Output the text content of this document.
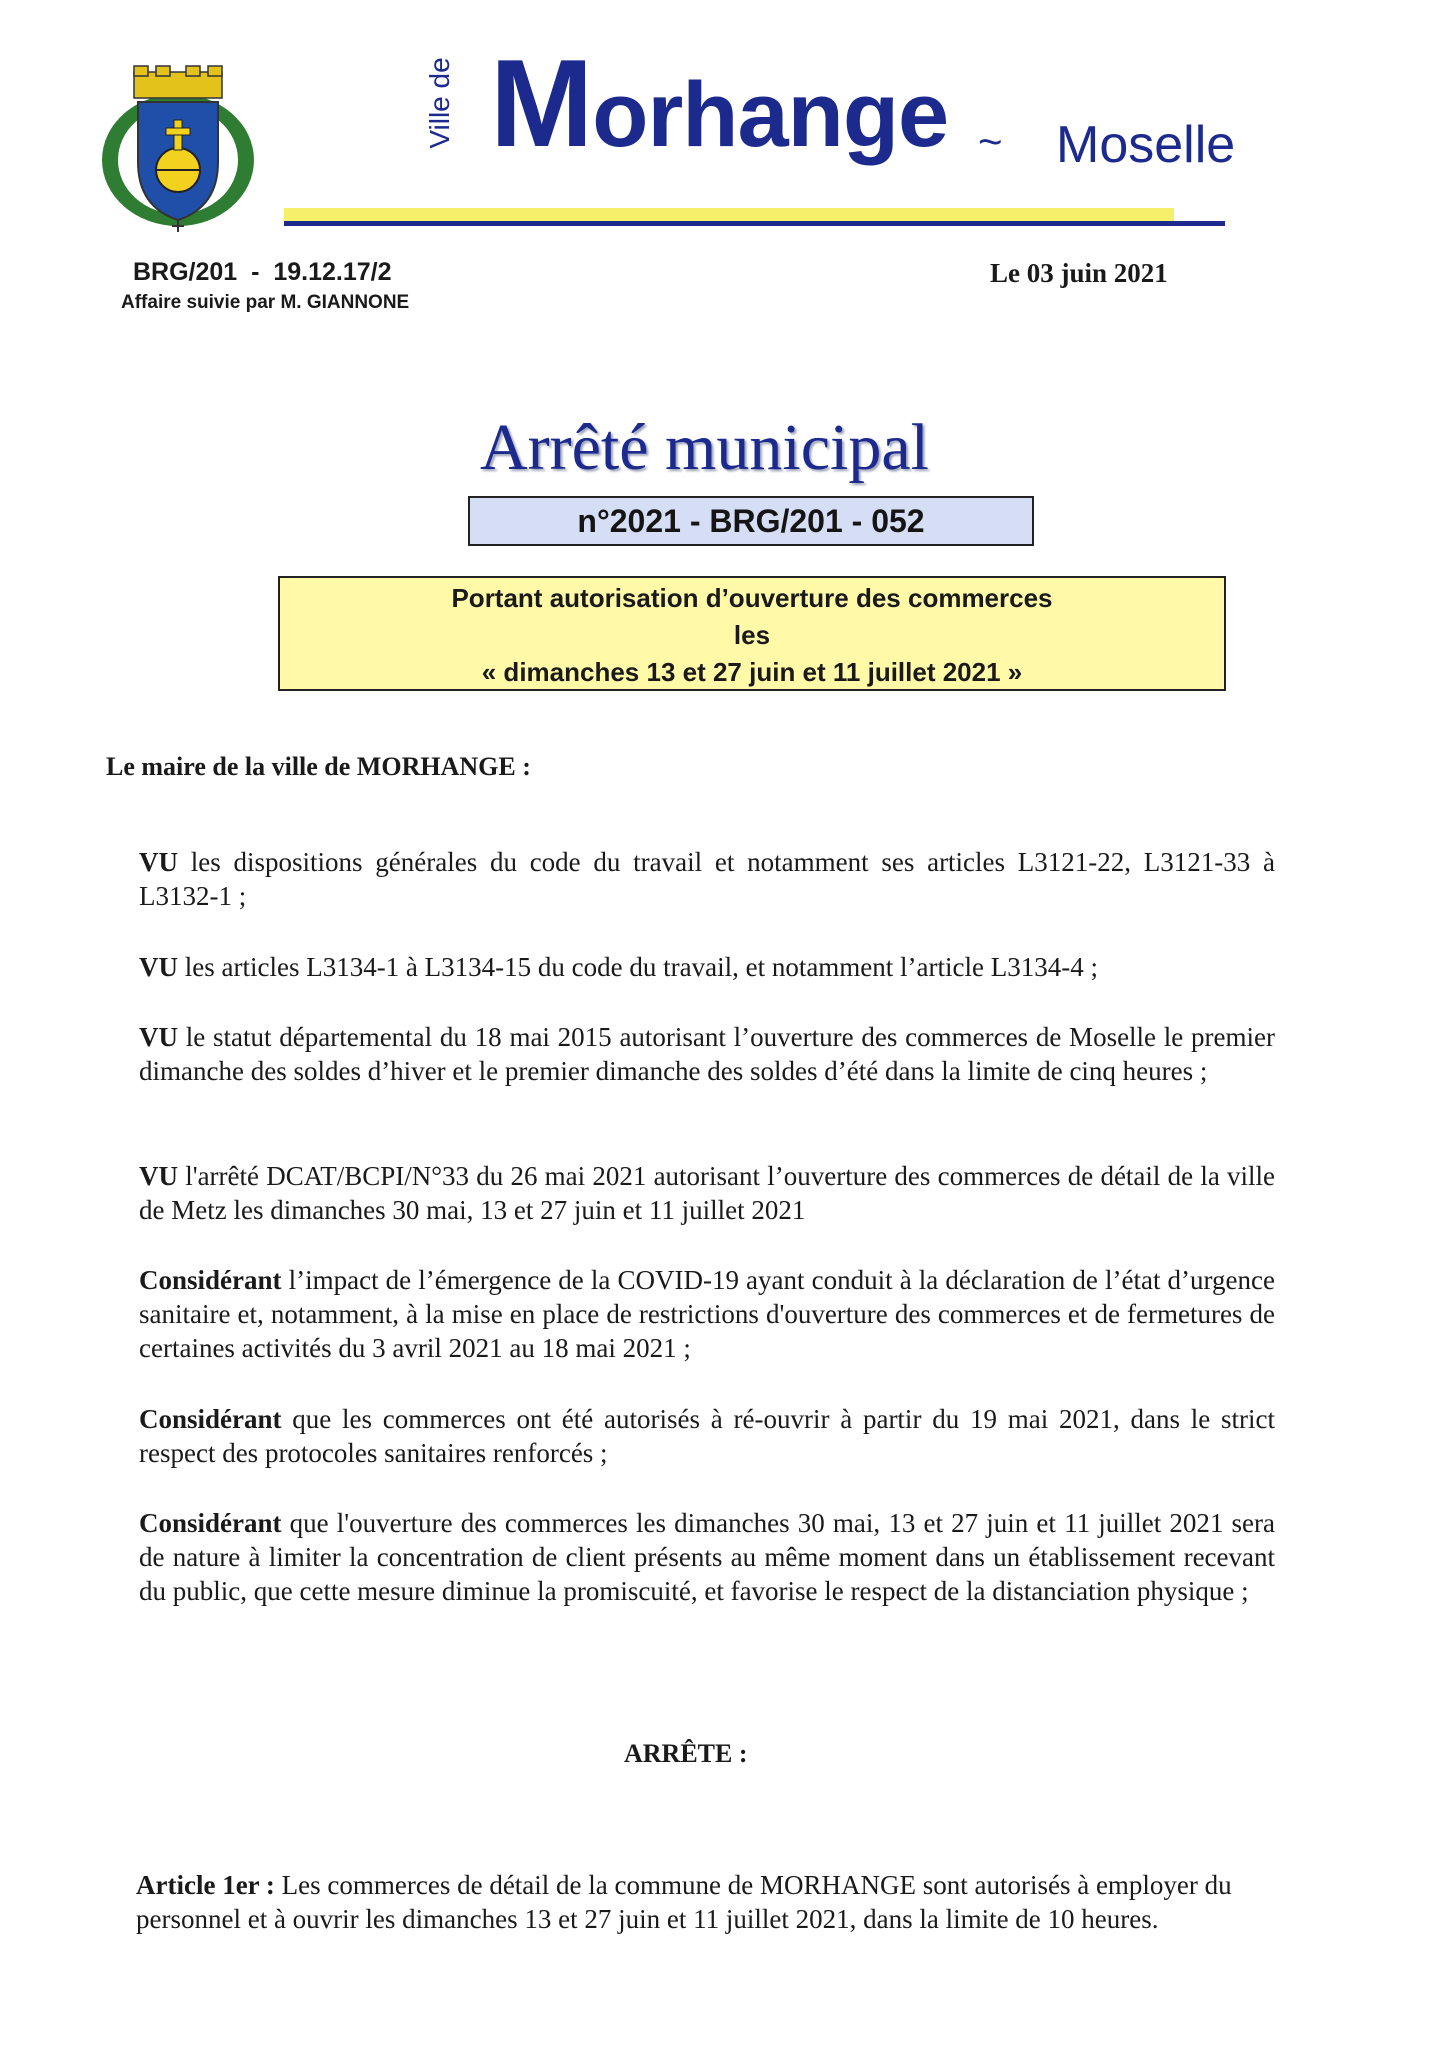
Ville de Morhange ~ Moselle
BRG/201  -  19.12.17/2
Affaire suivie par M. GIANNONE
Le 03 juin 2021
Arrêté municipal
n°2021 - BRG/201 - 052
Portant autorisation d’ouverture des commerces
les
« dimanches 13 et 27 juin et 11 juillet 2021 »
Le maire de la ville de MORHANGE :
VU les dispositions générales du code du travail et notamment ses articles L3121-22, L3121-33 à L3132-1 ;
VU les articles L3134-1 à L3134-15 du code du travail, et notamment l’article L3134-4 ;
VU le statut départemental du 18 mai 2015 autorisant l’ouverture des commerces de Moselle le premier dimanche des soldes d’hiver et le premier dimanche des soldes d’été dans la limite de cinq heures ;
VU l'arrêté DCAT/BCPI/N°33 du 26 mai 2021 autorisant l’ouverture des commerces de détail de la ville de Metz les dimanches 30 mai, 13 et 27 juin et 11 juillet 2021
Considérant l’impact de l’émergence de la COVID-19 ayant conduit à la déclaration de l’état d’urgence sanitaire et, notamment, à la mise en place de restrictions d'ouverture des commerces et de fermetures de certaines activités du 3 avril 2021 au 18 mai 2021 ;
Considérant que les commerces ont été autorisés à ré-ouvrir à partir du 19 mai 2021, dans le strict respect des protocoles sanitaires renforcés ;
Considérant que l'ouverture des commerces les dimanches 30 mai, 13 et 27 juin et 11 juillet 2021 sera de nature à limiter la concentration de client présents au même moment dans un établissement recevant du public, que cette mesure diminue la promiscuité, et favorise le respect de la distanciation physique ;
ARRÊTE :
Article 1er : Les commerces de détail de la commune de MORHANGE sont autorisés à employer du personnel et à ouvrir les dimanches 13 et 27 juin et 11 juillet 2021, dans la limite de 10 heures.
